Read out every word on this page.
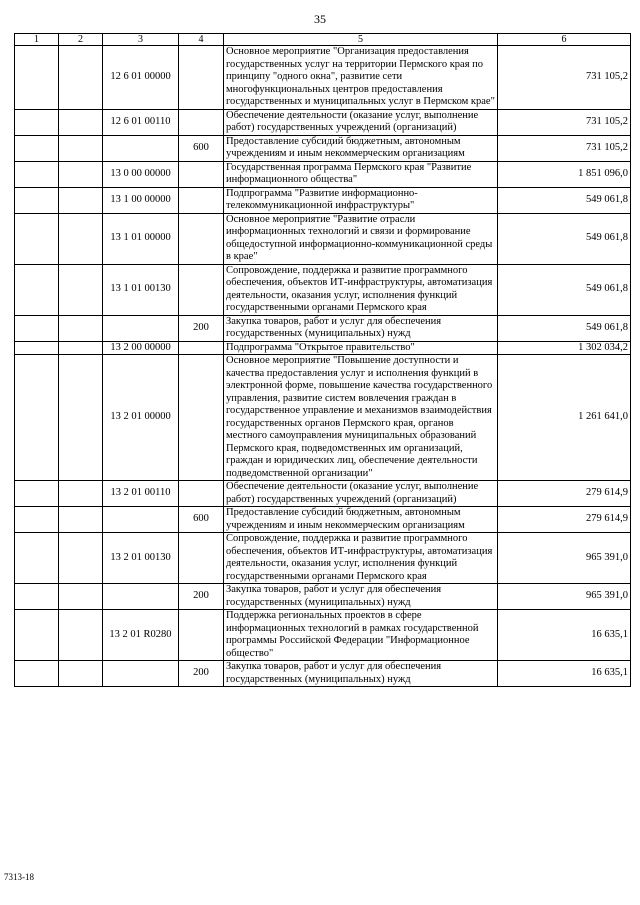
35
1	2	3	4	5	6
		12 6 01 00000		Основное мероприятие "Организация предоставления государственных услуг на территории Пермского края по принципу "одного окна", развитие сети многофункциональных центров предоставления государственных и муниципальных услуг в Пермском крае"	731 105,2
		12 6 01 00110		Обеспечение деятельности (оказание услуг, выполнение работ) государственных учреждений (организаций)	731 105,2
			600	Предоставление субсидий бюджетным, автономным учреждениям и иным некоммерческим организациям	731 105,2
		13 0 00 00000		Государственная программа Пермского края "Развитие информационного общества"	1 851 096,0
		13 1 00 00000		Подпрограмма "Развитие информационно-телекоммуникационной инфраструктуры"	549 061,8
		13 1 01 00000		Основное мероприятие "Развитие отрасли информационных технологий и связи и формирование общедоступной информационно-коммуникационной среды в крае"	549 061,8
		13 1 01 00130		Сопровождение, поддержка и развитие программного обеспечения, объектов ИТ-инфраструктуры, автоматизация деятельности, оказания услуг, исполнения функций государственными органами Пермского края	549 061,8
			200	Закупка товаров, работ и услуг для обеспечения государственных (муниципальных) нужд	549 061,8
		13 2 00 00000		Подпрограмма "Открытое правительство"	1 302 034,2
		13 2 01 00000		Основное мероприятие "Повышение доступности и качества предоставления услуг и исполнения функций в электронной форме, повышение качества государственного управления, развитие систем вовлечения граждан в государственное управление и механизмов взаимодействия государственных органов Пермского края, органов местного самоуправления муниципальных образований Пермского края, подведомственных им организаций, граждан и юридических лиц, обеспечение деятельности подведомственной организации"	1 261 641,0
		13 2 01 00110		Обеспечение деятельности (оказание услуг, выполнение работ) государственных учреждений (организаций)	279 614,9
			600	Предоставление субсидий бюджетным, автономным учреждениям и иным некоммерческим организациям	279 614,9
		13 2 01 00130		Сопровождение, поддержка и развитие программного обеспечения, объектов ИТ-инфраструктуры, автоматизация деятельности, оказания услуг, исполнения функций государственными органами Пермского края	965 391,0
			200	Закупка товаров, работ и услуг для обеспечения государственных (муниципальных) нужд	965 391,0
		13 2 01 R0280		Поддержка региональных проектов в сфере информационных технологий в рамках государственной программы Российской Федерации "Информационное общество"	16 635,1
			200	Закупка товаров, работ и услуг для обеспечения государственных (муниципальных) нужд	16 635,1
7313-18
